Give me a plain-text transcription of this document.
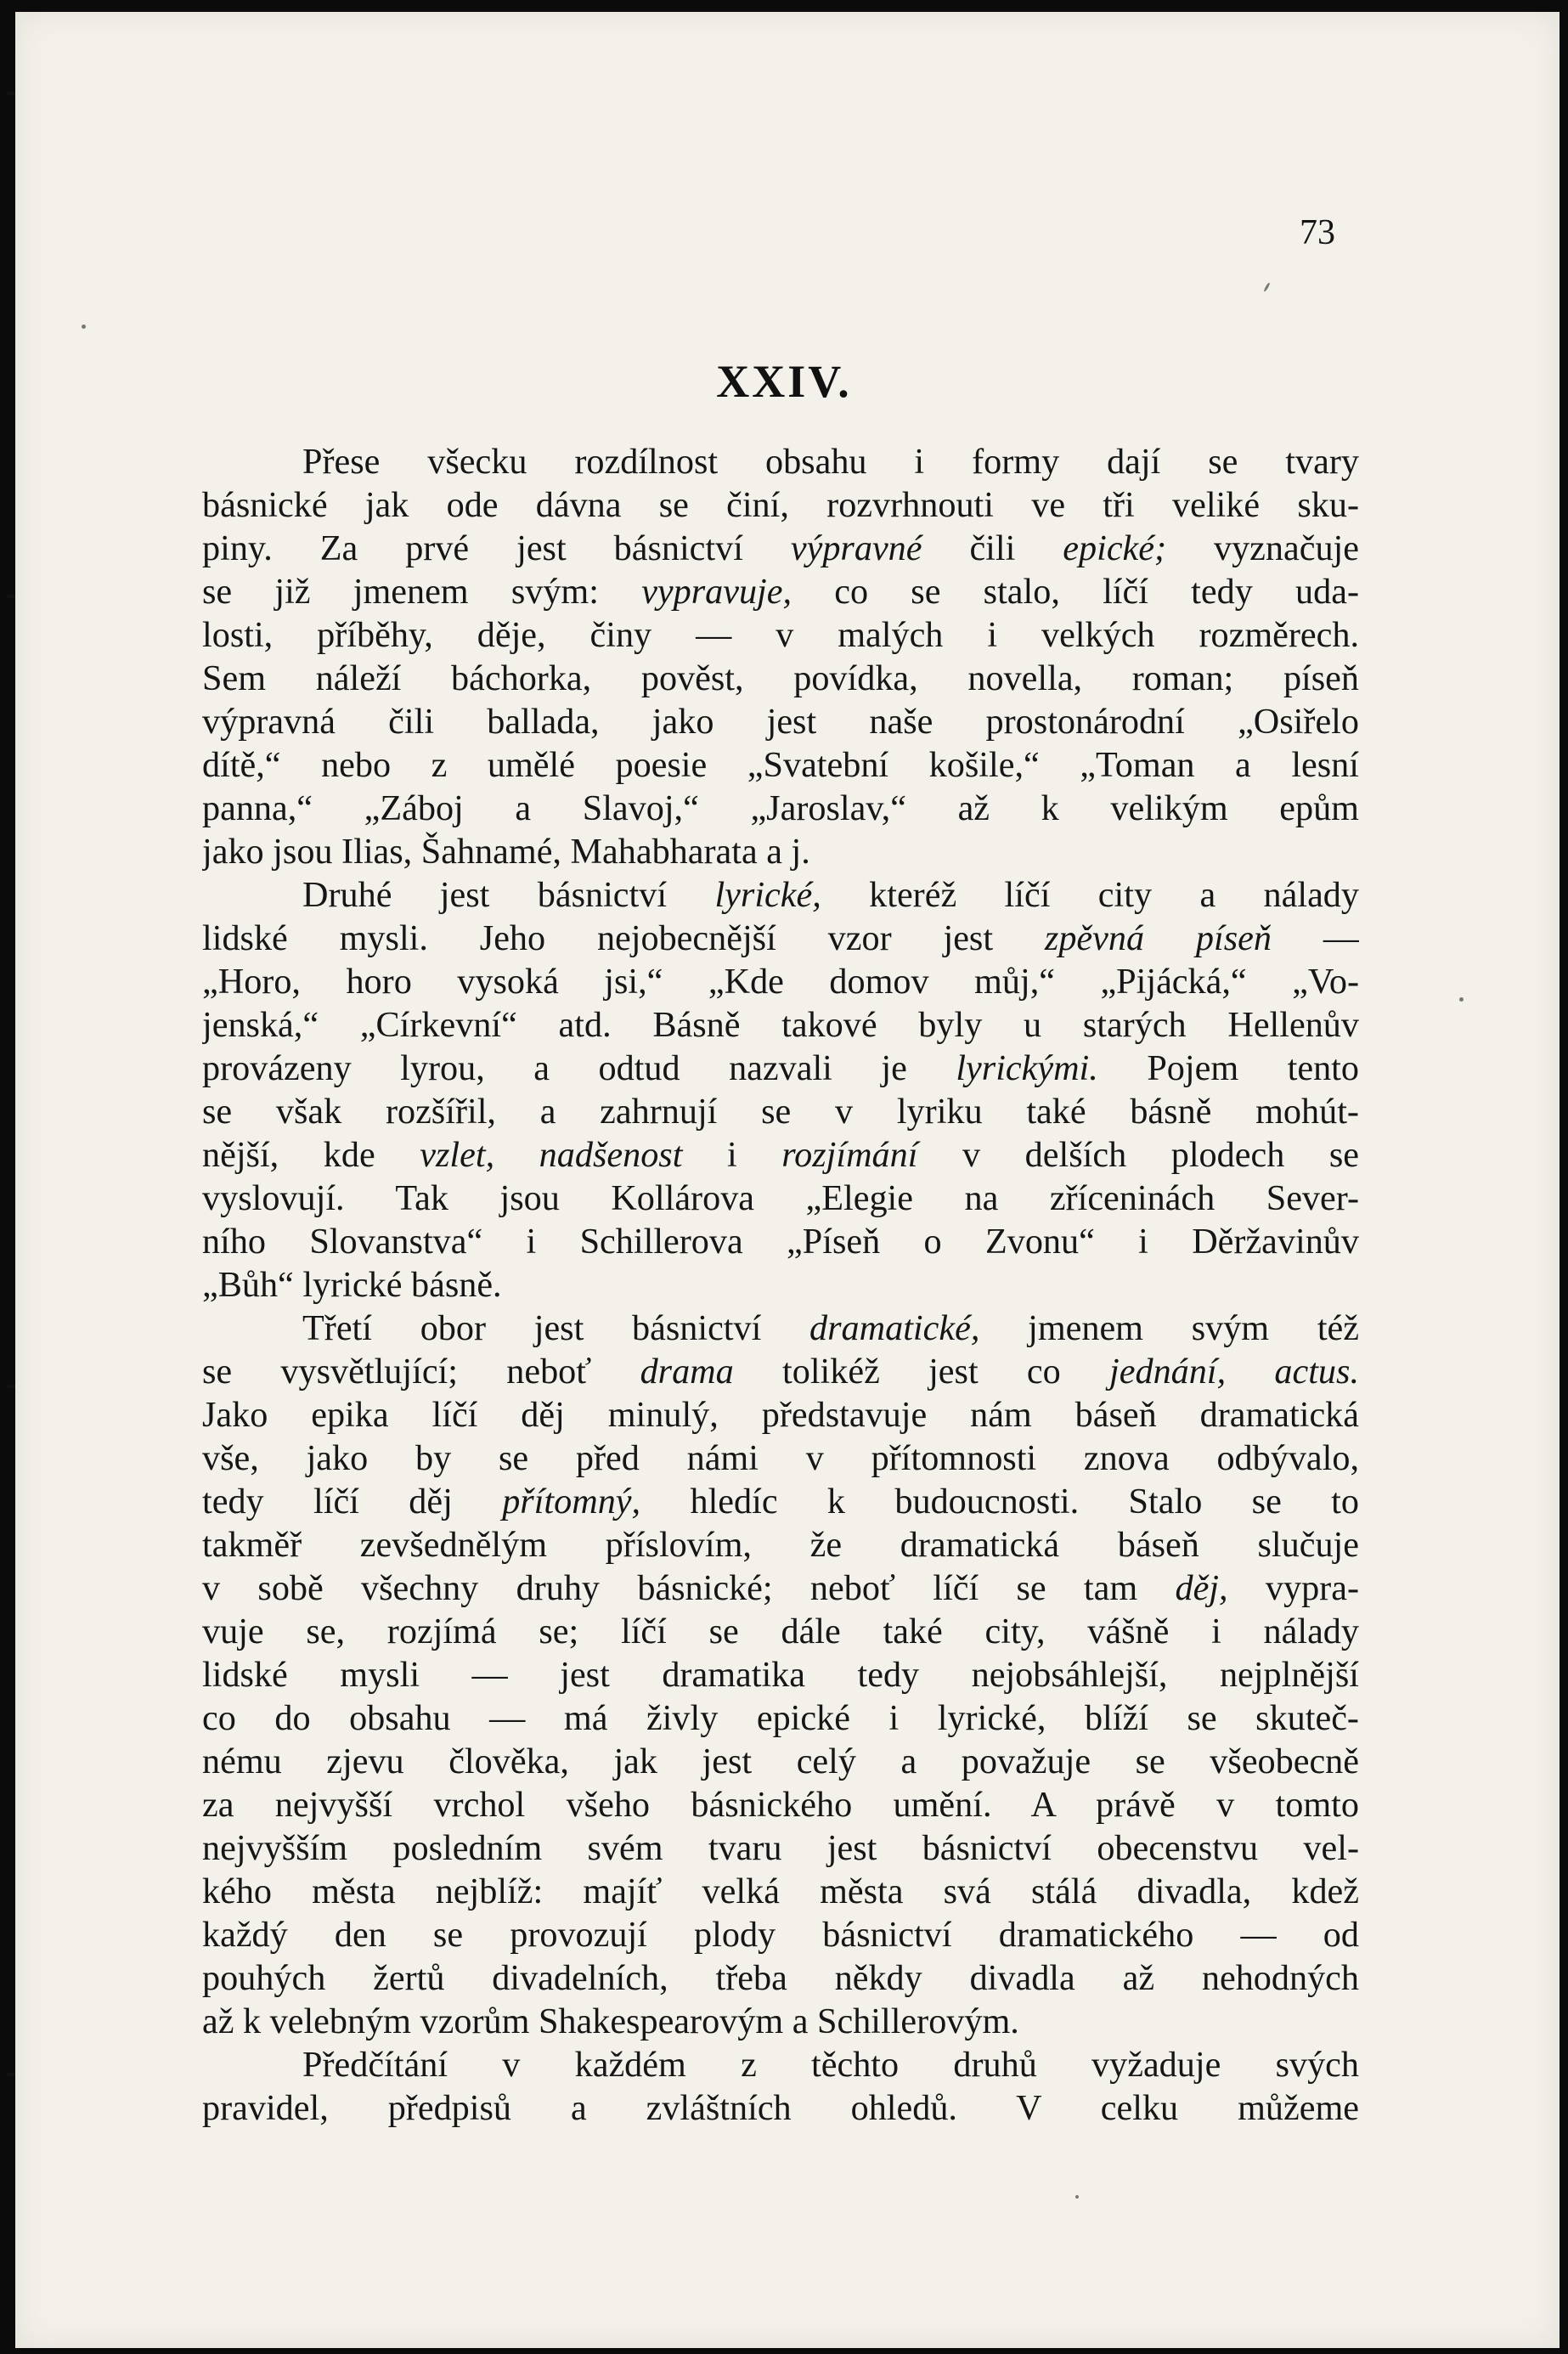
73
XXIV.
Přese všecku rozdílnost obsahu i formy dají se tvary
básnické jak ode dávna se činí, rozvrhnouti ve tři veliké sku-
piny. Za prvé jest básnictví výpravné čili epické; vyznačuje
se již jmenem svým: vypravuje, co se stalo, líčí tedy uda-
losti, příběhy, děje, činy — v malých i velkých rozměrech.
Sem náleží báchorka, pověst, povídka, novella, roman; píseň
výpravná čili ballada, jako jest naše prostonárodní „Osiřelo
dítě,“ nebo z umělé poesie „Svatební košile,“ „Toman a lesní
panna,“ „Záboj a Slavoj,“ „Jaroslav,“ až k velikým epům
jako jsou Ilias, Šahnamé, Mahabharata a j.
Druhé jest básnictví lyrické, kteréž líčí city a nálady
lidské mysli. Jeho nejobecnější vzor jest zpěvná píseň —
„Horo, horo vysoká jsi,“ „Kde domov můj,“ „Pijácká,“ „Vo-
jenská,“ „Církevní“ atd. Básně takové byly u starých Hellenův
provázeny lyrou, a odtud nazvali je lyrickými. Pojem tento
se však rozšířil, a zahrnují se v lyriku také básně mohút-
nější, kde vzlet, nadšenost i rozjímání v delších plodech se
vyslovují. Tak jsou Kollárova „Elegie na zříceninách Sever-
ního Slovanstva“ i Schillerova „Píseň o Zvonu“ i Děržavinův
„Bůh“ lyrické básně.
Třetí obor jest básnictví dramatické, jmenem svým též
se vysvětlující; neboť drama tolikéž jest co jednání, actus.
Jako epika líčí děj minulý, představuje nám báseň dramatická
vše, jako by se před námi v přítomnosti znova odbývalo,
tedy líčí děj přítomný, hledíc k budoucnosti. Stalo se to
takměř zevšednělým příslovím, že dramatická báseň slučuje
v sobě všechny druhy básnické; neboť líčí se tam děj, vypra-
vuje se, rozjímá se; líčí se dále také city, vášně i nálady
lidské mysli — jest dramatika tedy nejobsáhlejší, nejplnější
co do obsahu — má živly epické i lyrické, blíží se skuteč-
nému zjevu člověka, jak jest celý a považuje se všeobecně
za nejvyšší vrchol všeho básnického umění. A právě v tomto
nejvyšším posledním svém tvaru jest básnictví obecenstvu vel-
kého města nejblíž: majíť velká města svá stálá divadla, kdež
každý den se provozují plody básnictví dramatického — od
pouhých žertů divadelních, třeba někdy divadla až nehodných
až k velebným vzorům Shakespearovým a Schillerovým.
Předčítání v každém z těchto druhů vyžaduje svých
pravidel, předpisů a zvláštních ohledů. V celku můžeme
